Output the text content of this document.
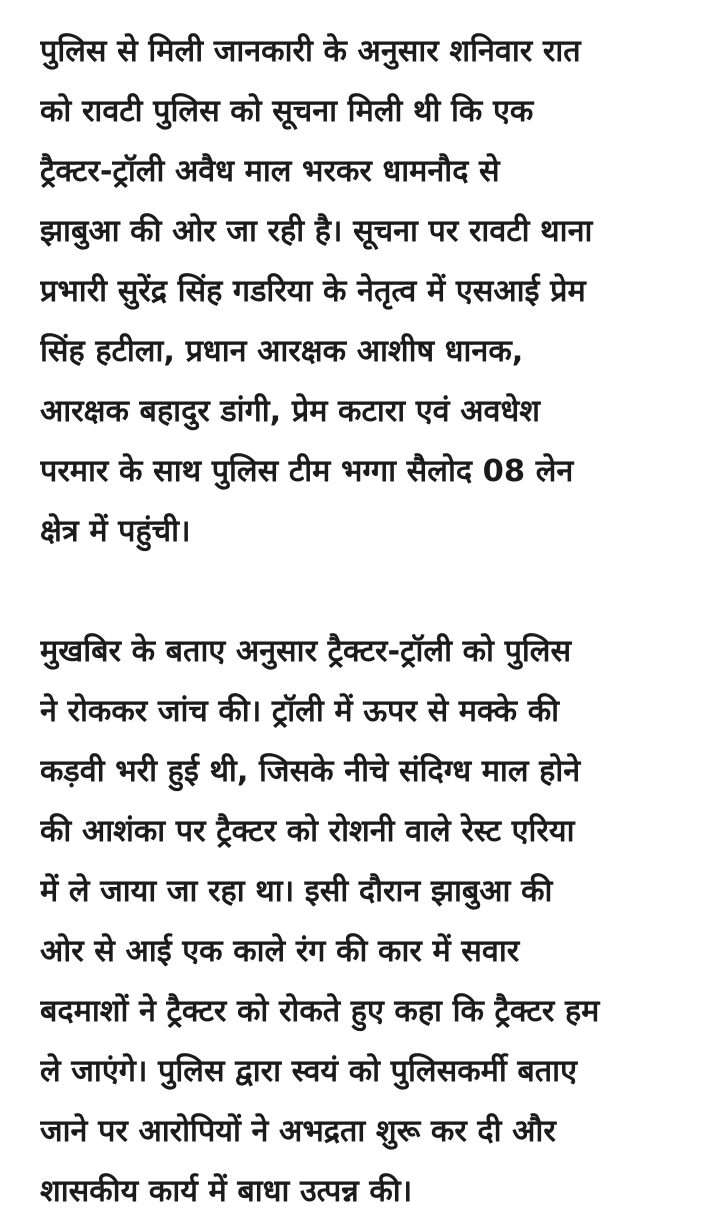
पुलिस से मिली जानकारी के अनुसार शनिवार रात
को रावटी पुलिस को सूचना मिली थी कि एक
ट्रैक्टर-ट्रॉली अवैध माल भरकर धामनौद से
झाबुआ की ओर जा रही है। सूचना पर रावटी थाना
प्रभारी सुरेंद्र सिंह गडरिया के नेतृत्व में एसआई प्रेम
सिंह हटीला, प्रधान आरक्षक आशीष धानक,
आरक्षक बहादुर डांगी, प्रेम कटारा एवं अवधेश
परमार के साथ पुलिस टीम भग्गा सैलोद 08 लेन
क्षेत्र में पहुंची।
मुखबिर के बताए अनुसार ट्रैक्टर-ट्रॉली को पुलिस
ने रोककर जांच की। ट्रॉली में ऊपर से मक्के की
कड़वी भरी हुई थी, जिसके नीचे संदिग्ध माल होने
की आशंका पर ट्रैक्टर को रोशनी वाले रेस्ट एरिया
में ले जाया जा रहा था। इसी दौरान झाबुआ की
ओर से आई एक काले रंग की कार में सवार
बदमाशों ने ट्रैक्टर को रोकते हुए कहा कि ट्रैक्टर हम
ले जाएंगे। पुलिस द्वारा स्वयं को पुलिसकर्मी बताए
जाने पर आरोपियों ने अभद्रता शुरू कर दी और
शासकीय कार्य में बाधा उत्पन्न की।
